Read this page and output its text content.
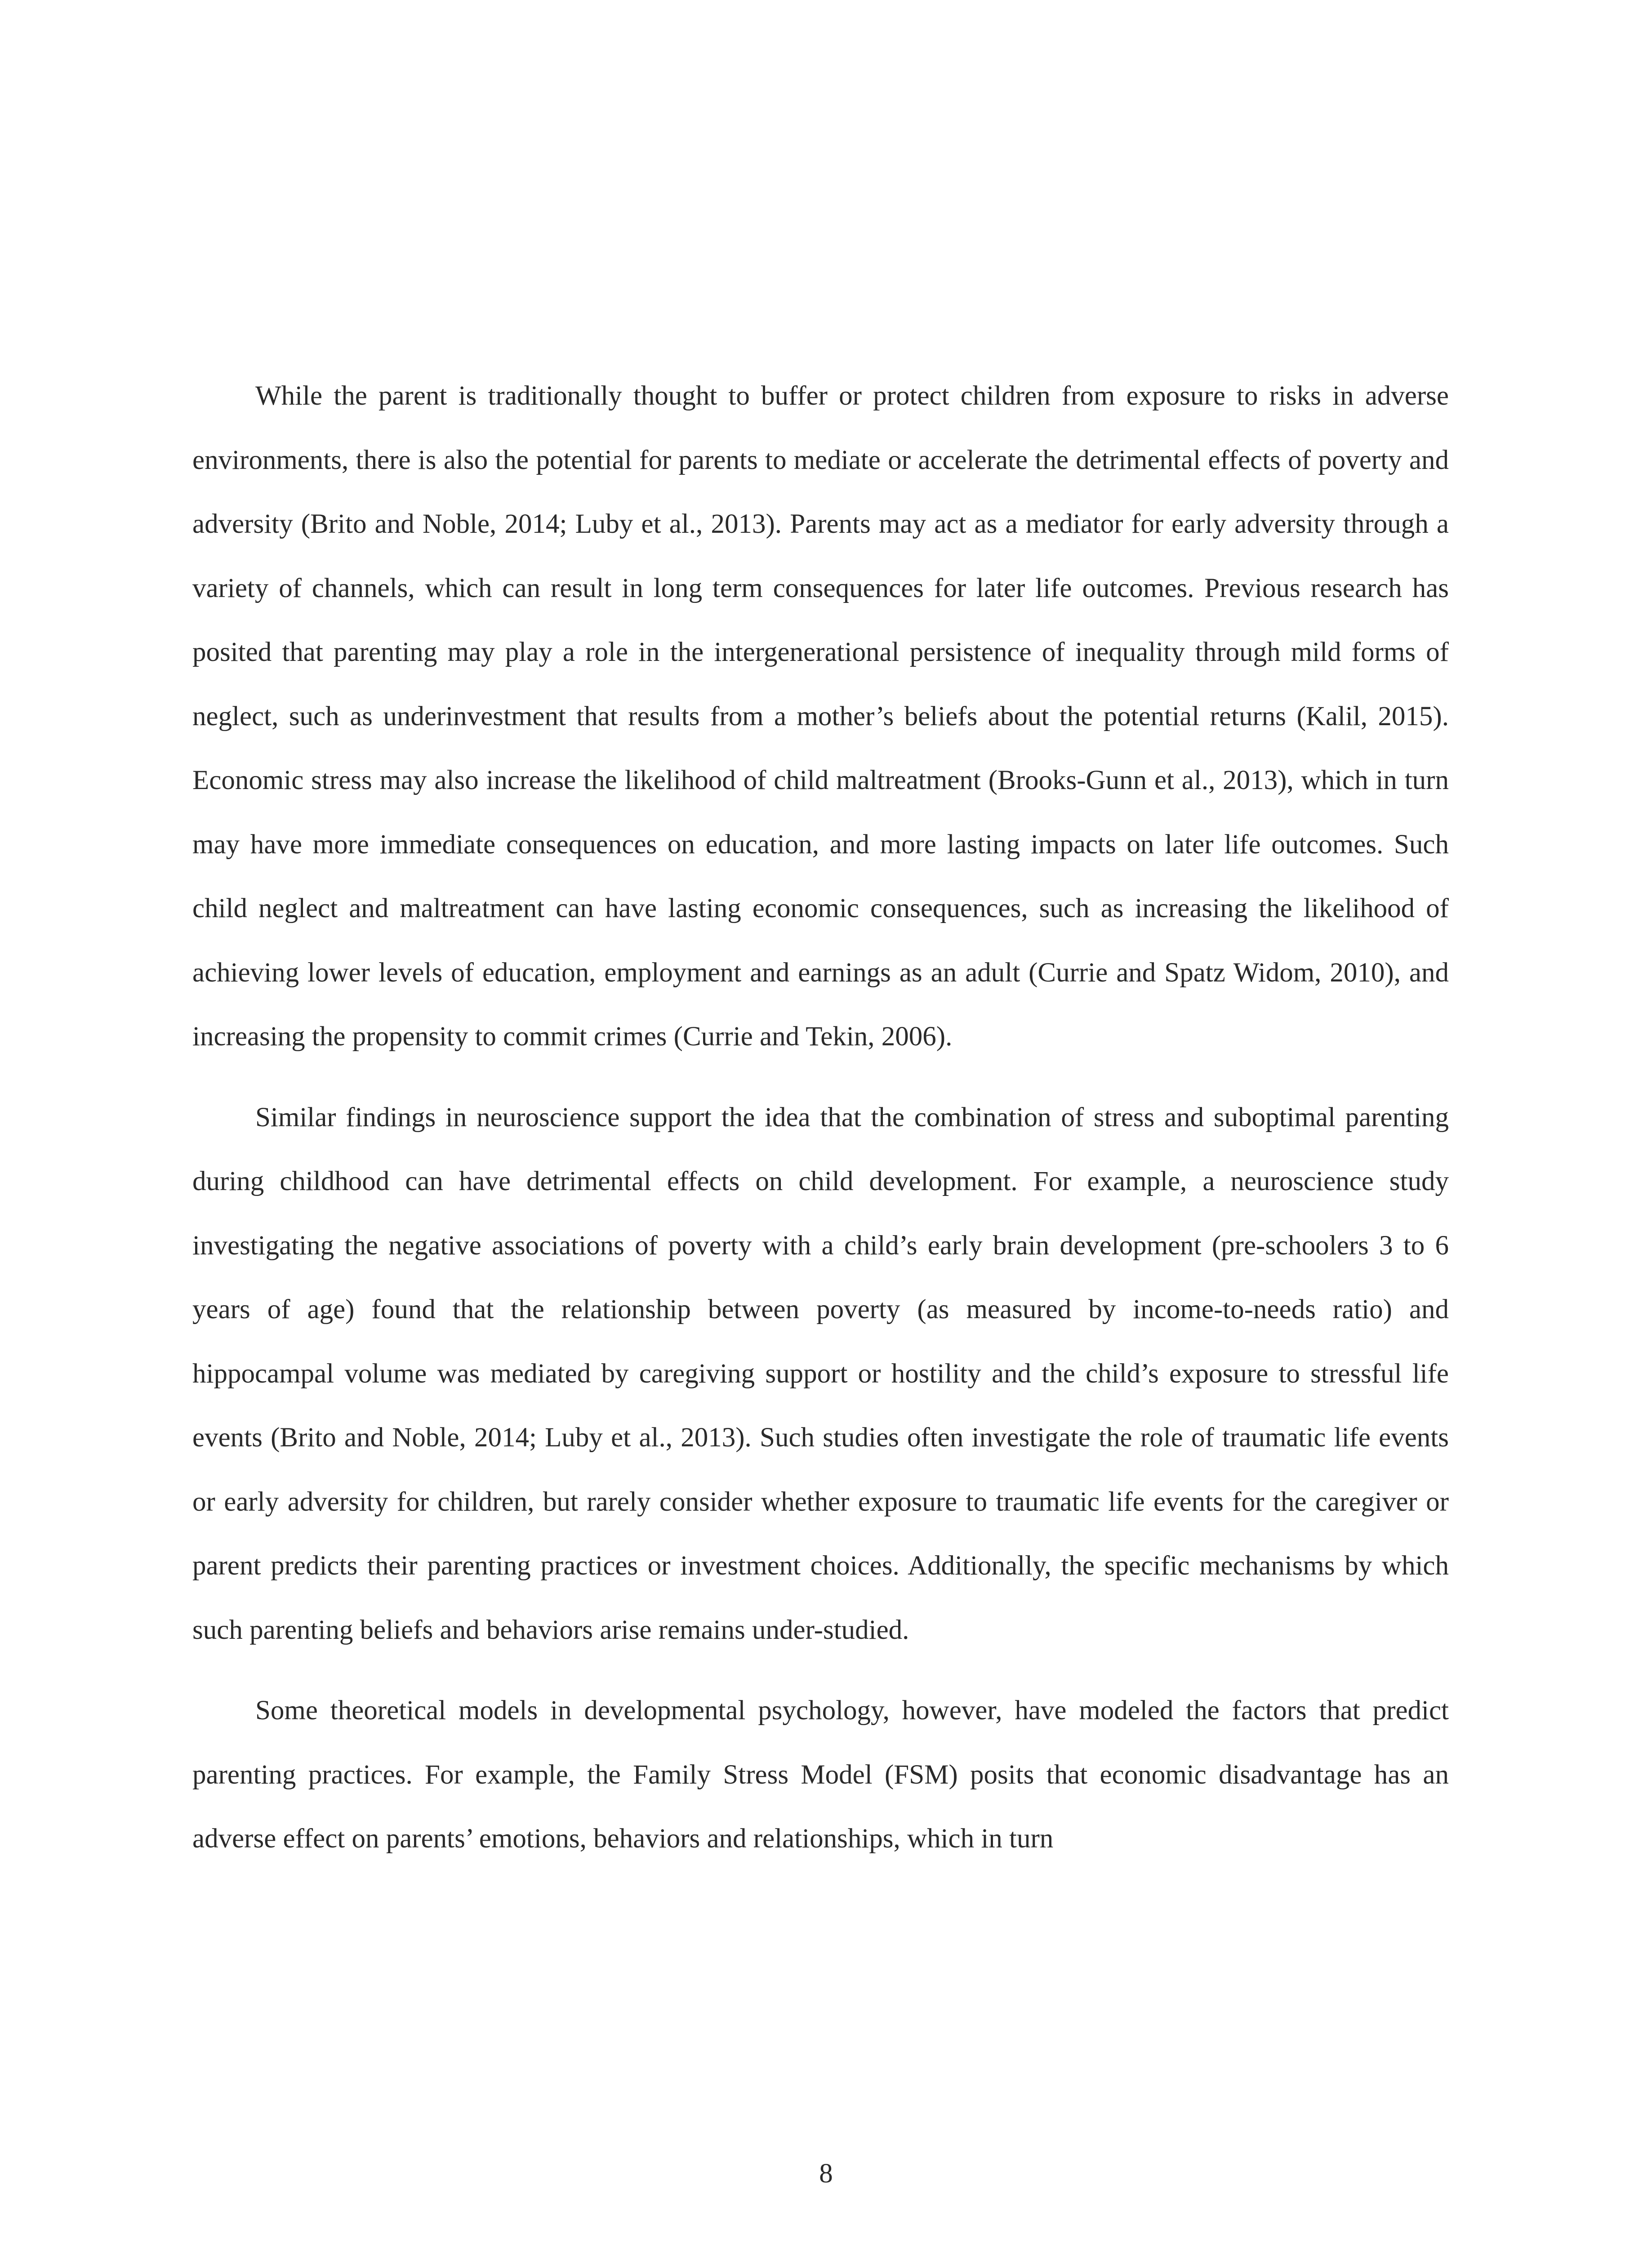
While the parent is traditionally thought to buffer or protect children from exposure to risks in adverse environments, there is also the potential for parents to mediate or accelerate the detrimental effects of poverty and adversity (Brito and Noble, 2014; Luby et al., 2013). Parents may act as a mediator for early adversity through a variety of channels, which can result in long term consequences for later life outcomes. Previous research has posited that parenting may play a role in the intergenerational persistence of inequality through mild forms of neglect, such as underinvestment that results from a mother’s beliefs about the potential returns (Kalil, 2015). Economic stress may also increase the likelihood of child maltreatment (Brooks-Gunn et al., 2013), which in turn may have more immediate consequences on education, and more lasting impacts on later life outcomes. Such child neglect and maltreatment can have lasting economic consequences, such as increasing the likelihood of achieving lower levels of education, employment and earnings as an adult (Currie and Spatz Widom, 2010), and increasing the propensity to commit crimes (Currie and Tekin, 2006).

Similar findings in neuroscience support the idea that the combination of stress and suboptimal parenting during childhood can have detrimental effects on child development. For example, a neuroscience study investigating the negative associations of poverty with a child’s early brain development (pre-schoolers 3 to 6 years of age) found that the relationship between poverty (as measured by income-to-needs ratio) and hippocampal volume was mediated by caregiving support or hostility and the child’s exposure to stressful life events (Brito and Noble, 2014; Luby et al., 2013). Such studies often investigate the role of traumatic life events or early adversity for children, but rarely consider whether exposure to traumatic life events for the caregiver or parent predicts their parenting practices or investment choices. Additionally, the specific mechanisms by which such parenting beliefs and behaviors arise remains under-studied.

Some theoretical models in developmental psychology, however, have modeled the factors that predict parenting practices. For example, the Family Stress Model (FSM) posits that economic disadvantage has an adverse effect on parents’ emotions, behaviors and relationships, which in turn

8
